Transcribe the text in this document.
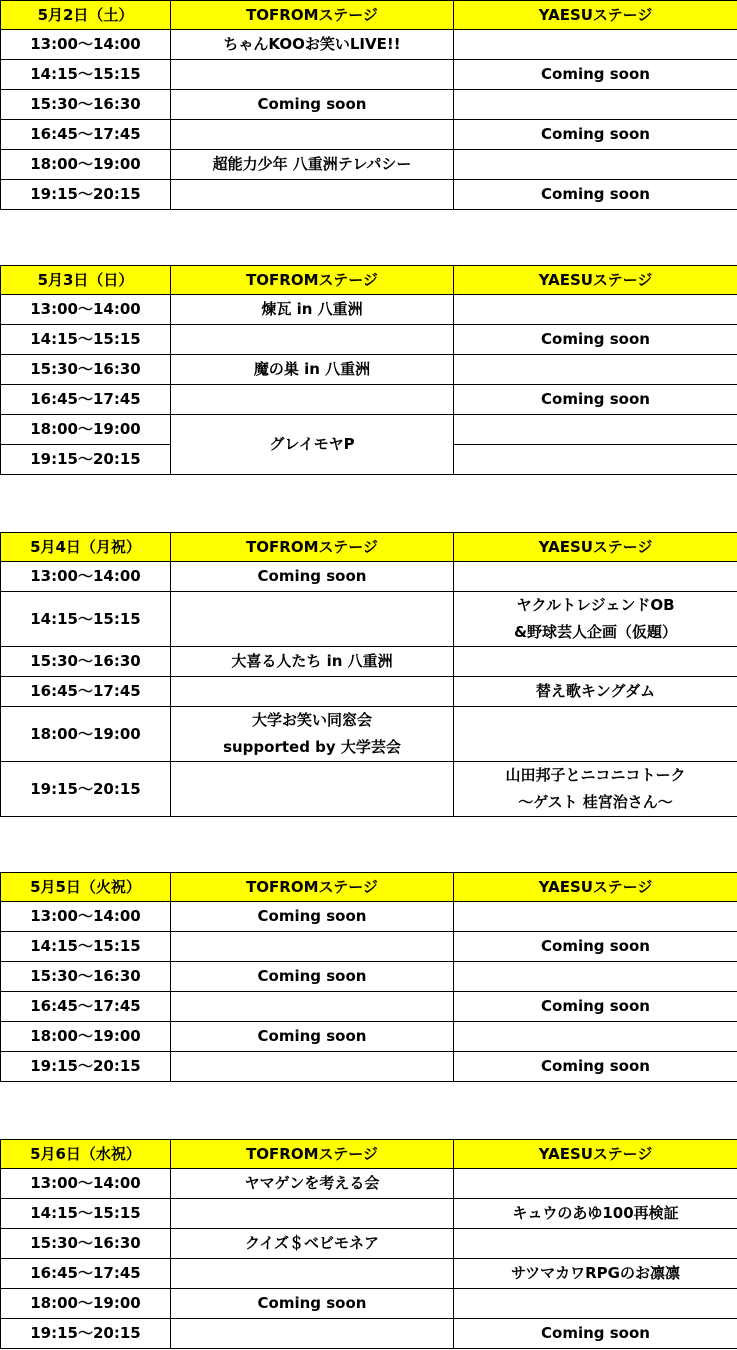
5月2日（土）	TOFROMステージ	YAESUステージ
13:00〜14:00	ちゃんKOOお笑いLIVE!!	
14:15〜15:15		Coming soon
15:30〜16:30	Coming soon	
16:45〜17:45		Coming soon
18:00〜19:00	超能力少年 八重洲テレパシー	
19:15〜20:15		Coming soon
5月3日（日）	TOFROMステージ	YAESUステージ
13:00〜14:00	煉瓦 in 八重洲	
14:15〜15:15		Coming soon
15:30〜16:30	魔の巣 in 八重洲	
16:45〜17:45		Coming soon
18:00〜19:00	グレイモヤP	
19:15〜20:15		
5月4日（月祝）	TOFROMステージ	YAESUステージ
13:00〜14:00	Coming soon	
14:15〜15:15		ヤクルトレジェンドOB
&野球芸人企画（仮題）

15:30〜16:30	大喜る人たち in 八重洲	
16:45〜17:45		替え歌キングダム
18:00〜19:00	大学お笑い同窓会
supported by 大学芸会	

19:15〜20:15		山田邦子とニコニコトーク
〜ゲスト 桂宮治さん〜
5月5日（火祝）	TOFROMステージ	YAESUステージ
13:00〜14:00	Coming soon	
14:15〜15:15		Coming soon
15:30〜16:30	Coming soon	
16:45〜17:45		Coming soon
18:00〜19:00	Coming soon	
19:15〜20:15		Coming soon
5月6日（水祝）	TOFROMステージ	YAESUステージ
13:00〜14:00	ヤマゲンを考える会	
14:15〜15:15		キュウのあゆ100再検証
15:30〜16:30	クイズ＄ベビモネア	
16:45〜17:45		サツマカワRPGのお凛凛
18:00〜19:00	Coming soon	
19:15〜20:15		Coming soon
